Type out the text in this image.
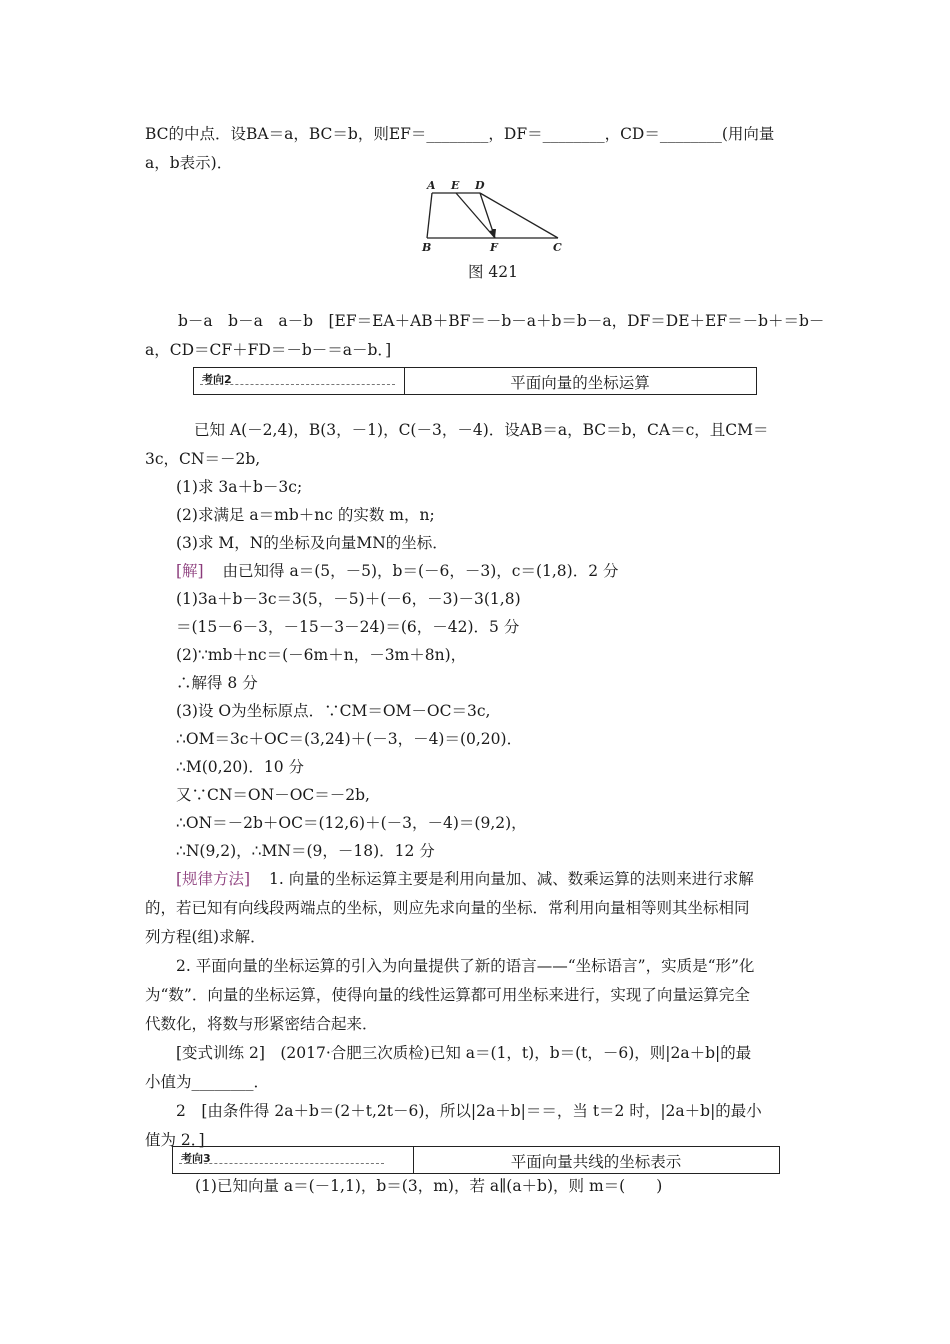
BC的中点．设BA＝a，BC＝b，则EF＝________，DF＝________，CD＝________(用向量
a，b表示)．
A E D
B	F	C
图 421
b－a　b－a　a－b　[EF＝EA＋AB＋BF＝－b－a＋b＝b－a，DF＝DE＋EF＝－b＋＝b－
a，CD＝CF＋FD＝－b－＝a－b．]
考向2	平面向量的坐标运算
已知 A(－2,4)，B(3，－1)，C(－3，－4)．设AB＝a，BC＝b，CA＝c，且CM＝
3c，CN＝－2b,
(1)求 3a＋b－3c;
(2)求满足 a＝mb＋nc 的实数 m，n;
(3)求 M，N的坐标及向量MN的坐标．
[解] 由已知得 a＝(5，－5)，b＝(－6，－3)，c＝(1,8)．2 分
(1)3a＋b－3c＝3(5，－5)＋(－6，－3)－3(1,8)
＝(15－6－3，－15－3－24)＝(6，－42)．5 分
(2)∵mb＋nc＝(－6m＋n，－3m＋8n)，
∴解得 8 分
(3)设 O为坐标原点．∵CM＝OM－OC＝3c,
∴OM＝3c＋OC＝(3,24)＋(－3，－4)＝(0,20)．
∴M(0,20)．10 分
又∵CN＝ON－OC＝－2b,
∴ON＝－2b＋OC＝(12,6)＋(－3，－4)＝(9,2)，
∴N(9,2)，∴MN＝(9，－18)．12 分
[规律方法] 1. 向量的坐标运算主要是利用向量加、减、数乘运算的法则来进行求解
的，若已知有向线段两端点的坐标，则应先求向量的坐标．常利用向量相等则其坐标相同
列方程(组)求解．
2. 平面向量的坐标运算的引入为向量提供了新的语言——“坐标语言”，实质是“形”化
为“数”．向量的坐标运算，使得向量的线性运算都可用坐标来进行，实现了向量运算完全
代数化，将数与形紧密结合起来．
[变式训练 2]　(2017·合肥三次质检)已知 a＝(1，t)，b＝(t，－6)，则|2a＋b|的最
小值为________．
2　[由条件得 2a＋b＝(2＋t,2t－6)，所以|2a＋b|＝＝，当 t＝2 时，|2a＋b|的最小
值为 2．]
考向3	平面向量共线的坐标表示
(1)已知向量 a＝(－1,1)，b＝(3，m)，若 a∥(a＋b)，则 m＝(　　)
